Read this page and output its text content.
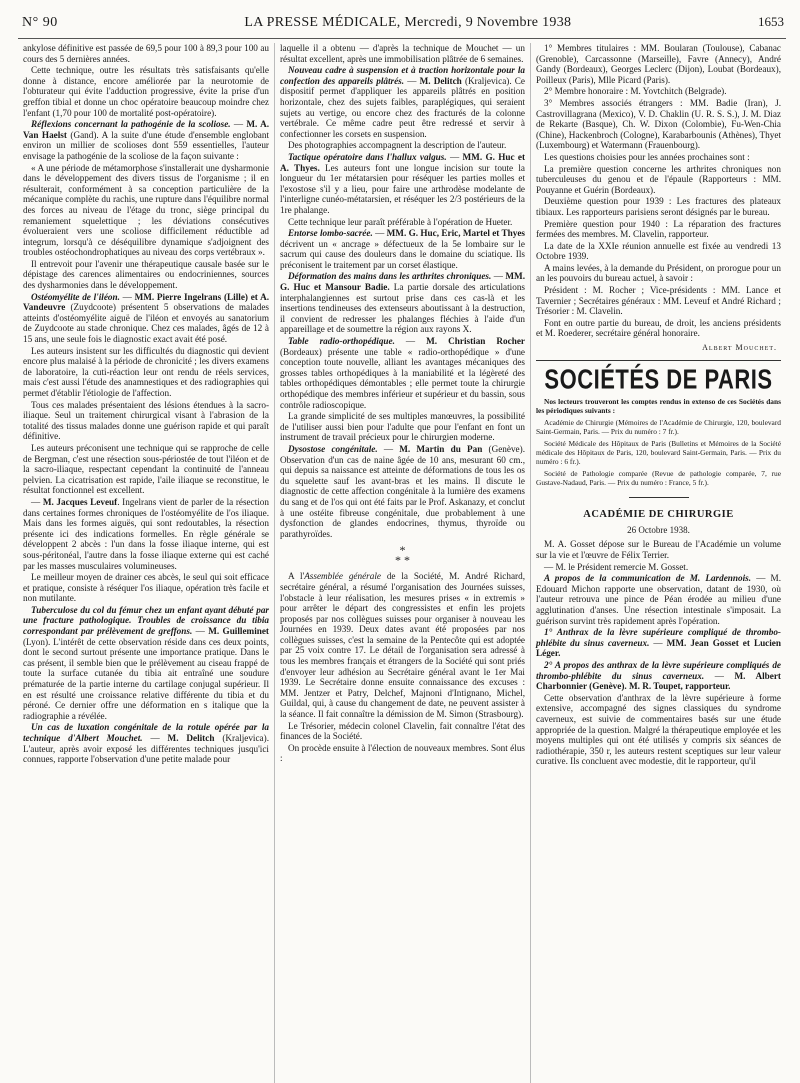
N° 90	LA PRESSE MÉDICALE, Mercredi, 9 Novembre 1938	1653

ankylose définitive est passée de 69,5 pour 100 à 89,3 pour 100 au cours des 5 dernières années.

Cette technique, outre les résultats très satisfaisants qu'elle donne à distance, encore améliorée par la neurotomie de l'obturateur qui évite l'adduction progressive, évite la prise d'un greffon tibial et donne un choc opératoire beaucoup moindre chez l'enfant (1,70 pour 100 de mortalité post-opératoire).

Réflexions concernant la pathogénie de la scoliose. — M. A. Van Haelst (Gand). A la suite d'une étude d'ensemble englobant environ un millier de scolioses dont 559 essentielles, l'auteur envisage la pathogénie de la scoliose de la façon suivante :

« A une période de métamorphose s'installerait une dysharmonie dans le développement des divers tissus de l'organisme ; il en résulterait, conformément à sa conception particulière de la mécanique complète du rachis, une rupture dans l'équilibre normal des forces au niveau de l'étage du tronc, siège principal du remaniement squelettique ; les déviations consécutives évolueraient vers une scoliose difficilement réductible ad integrum, lorsqu'à ce déséquilibre dynamique s'adjoignent des troubles ostéochondrophatiques au niveau des corps vertébraux ».

Il entrevoit pour l'avenir une thérapeutique causale basée sur le dépistage des carences alimentaires ou endocriniennes, sources des dysharmonies dans le développement.

Ostéomyélite de l'iléon. — MM. Pierre Ingelrans (Lille) et A. Vandeuvre (Zuydcoote) présentent 5 observations de malades atteints d'ostéomyélite aiguë de l'iléon et envoyés au sanatorium de Zuydcoote au stade chronique. Chez ces malades, âgés de 12 à 15 ans, une seule fois le diagnostic exact avait été posé.

Les auteurs insistent sur les difficultés du diagnostic qui devient encore plus malaisé à la période de chronicité ; les divers examens de laboratoire, la cuti-réaction leur ont rendu de réels services, mais c'est aussi l'étude des anamnestiques et des radiographies qui permet d'établir l'étiologie de l'affection.

Tous ces malades présentaient des lésions étendues à la sacro-iliaque. Seul un traitement chirurgical visant à l'abrasion de la totalité des tissus malades donne une guérison rapide et qui paraît définitive.

Les auteurs préconisent une technique qui se rapproche de celle de Bergman, c'est une résection sous-périostée de tout l'iléon et de la sacro-iliaque, respectant cependant la continuité de l'anneau pelvien. La cicatrisation est rapide, l'aile iliaque se reconstitue, le résultat fonctionnel est excellent.

— M. Jacques Leveuf. Ingelrans vient de parler de la résection dans certaines formes chroniques de l'ostéomyélite de l'os iliaque. Mais dans les formes aiguës, qui sont redoutables, la résection présente ici des indications formelles. En règle générale se développent 2 abcès : l'un dans la fosse iliaque interne, qui est sous-péritonéal, l'autre dans la fosse iliaque externe qui est caché par les masses musculaires volumineuses.

Le meilleur moyen de drainer ces abcès, le seul qui soit efficace et pratique, consiste à réséquer l'os iliaque, opération très facile et non mutilante.

Tuberculose du col du fémur chez un enfant ayant débuté par une fracture pathologique. Troubles de croissance du tibia correspondant par prélèvement de greffons. — M. Guilleminet (Lyon). L'intérêt de cette observation réside dans ces deux points, dont le second surtout présente une importance pratique. Dans le cas présent, il semble bien que le prélèvement au ciseau frappé de toute la surface cutanée du tibia ait entraîné une soudure prématurée de la partie interne du cartilage conjugal supérieur. Il en est résulté une croissance relative différente du tibia et du péroné. Ce dernier offre une déformation en s italique que la radiographie a révélée.

Un cas de luxation congénitale de la rotule opérée par la technique d'Albert Mouchet. — M. Delitch (Kraljevica). L'auteur, après avoir exposé les différentes techniques jusqu'ici connues, rapporte l'observation d'une petite malade pour

laquelle il a obtenu — d'après la technique de Mouchet — un résultat excellent, après une immobilisation plâtrée de 6 semaines.

Nouveau cadre à suspension et à traction horizontale pour la confection des appareils plâtrés. — M. Delitch (Kraljevica). Ce dispositif permet d'appliquer les appareils plâtrés en position horizontale, chez des sujets faibles, paraplégiques, qui seraient sujets au vertige, ou encore chez des fracturés de la colonne vertébrale. Ce même cadre peut être redressé et servir à confectionner les corsets en suspension.

Des photographies accompagnent la description de l'auteur.

Tactique opératoire dans l'hallux valgus. — MM. G. Huc et A. Thyes. Les auteurs font une longue incision sur toute la longueur du 1er métatarsien pour réséquer les parties molles et l'exostose s'il y a lieu, pour faire une arthrodèse modelante de l'interligne cunéo-métatarsien, et réséquer les 2/3 postérieurs de la 1re phalange.

Cette technique leur paraît préférable à l'opération de Hueter.

Entorse lombo-sacrée. — MM. G. Huc, Eric, Martel et Thyes décrivent un « ancrage » défectueux de la 5e lombaire sur le sacrum qui cause des douleurs dans le domaine du sciatique. Ils préconisent le traitement par un corset élastique.

Déformation des mains dans les arthrites chroniques. — MM. G. Huc et Mansour Badie. La partie dorsale des articulations interphalangiennes est surtout prise dans ces cas-là et les insertions tendineuses des extenseurs aboutissant à la destruction, il convient de redresser les phalanges fléchies à l'aide d'un appareillage et de soumettre la région aux rayons X.

Table radio-orthopédique. — M. Christian Rocher (Bordeaux) présente une table « radio-orthopédique » d'une conception toute nouvelle, alliant les avantages mécaniques des grosses tables orthopédiques à la maniabilité et la légèreté des tables orthopédiques démontables ; elle permet toute la chirurgie orthopédique des membres inférieur et supérieur et du bassin, sous contrôle radioscopique.

La grande simplicité de ses multiples manœuvres, la possibilité de l'utiliser aussi bien pour l'adulte que pour l'enfant en font un instrument de travail précieux pour le chirurgien moderne.

Dysostose congénitale. — M. Martin du Pan (Genève). Observation d'un cas de naine âgée de 10 ans, mesurant 60 cm., qui depuis sa naissance est atteinte de déformations de tous les os du squelette sauf les avant-bras et les mains. Il discute le diagnostic de cette affection congénitale à la lumière des examens du sang et de l'os qui ont été faits par le Prof. Askanazy, et conclut à une ostéite fibreuse congénitale, due probablement à une dysfonction de glandes endocrines, thymus, thyroïde ou parathyroïdes.

*
* *

A l'Assemblée générale de la Société, M. André Richard, secrétaire général, a résumé l'organisation des Journées suisses, l'obstacle à leur réalisation, les mesures prises « in extremis » pour arrêter le départ des congressistes et enfin les projets proposés par nos collègues suisses pour organiser à nouveau les Journées en 1939. Deux dates avant été proposées par nos collègues suisses, c'est la semaine de la Pentecôte qui est adoptée par 25 voix contre 17. Le détail de l'organisation sera adressé à tous les membres français et étrangers de la Société qui sont priés d'envoyer leur adhésion au Secrétaire général avant le 1er Mai 1939. Le Secrétaire donne ensuite connaissance des excuses : MM. Jentzer et Patry, Delchef, Majnoni d'Intignano, Michel, Guildal, qui, à cause du changement de date, ne peuvent assister à la séance. Il fait connaître la démission de M. Simon (Strasbourg).

Le Trésorier, médecin colonel Clavelin, fait connaître l'état des finances de la Société.

On procède ensuite à l'élection de nouveaux membres. Sont élus :

1° Membres titulaires : MM. Boularan (Toulouse), Cabanac (Grenoble), Carcassonne (Marseille), Favre (Annecy), André Gandy (Bordeaux), Georges Leclerc (Dijon), Loubat (Bordeaux), Poilleux (Paris), Mlle Picard (Paris).

2° Membre honoraire : M. Yovtchitch (Belgrade).

3° Membres associés étrangers : MM. Badie (Iran), J. Castrovillagrana (Mexico), V. D. Chaklin (U. R. S. S.), J. M. Diaz de Rekarte (Basque), Ch. W. Dixon (Colombie), Fu-Wen-Chia (Chine), Hackenbroch (Cologne), Karabarbounis (Athènes), Thyet (Luxembourg) et Watermann (Frauenbourg).

Les questions choisies pour les années prochaines sont :

La première question concerne les arthrites chroniques non tuberculeuses du genou et de l'épaule (Rapporteurs : MM. Pouyanne et Guérin (Bordeaux).

Deuxième question pour 1939 : Les fractures des plateaux tibiaux. Les rapporteurs parisiens seront désignés par le bureau.

Première question pour 1940 : La réparation des fractures fermées des membres. M. Clavelin, rapporteur.

La date de la XXIe réunion annuelle est fixée au vendredi 13 Octobre 1939.

A mains levées, à la demande du Président, on prorogue pour un an les pouvoirs du bureau actuel, à savoir :

Président : M. Rocher ; Vice-présidents : MM. Lance et Tavernier ; Secrétaires généraux : MM. Leveuf et André Richard ; Trésorier : M. Clavelin.

Font en outre partie du bureau, de droit, les anciens présidents et M. Roederer, secrétaire général honoraire.

Albert Mouchet.
SOCIÉTÉS DE PARIS

Nos lecteurs trouveront les comptes rendus in extenso de ces Sociétés dans les périodiques suivants :

Académie de Chirurgie (Mémoires de l'Académie de Chirurgie, 120, boulevard Saint-Germain, Paris. — Prix du numéro : 7 fr.).

Société Médicale des Hôpitaux de Paris (Bulletins et Mémoires de la Société médicale des Hôpitaux de Paris, 120, boulevard Saint-Germain, Paris. — Prix du numéro : 6 fr.).

Société de Pathologie comparée (Revue de pathologie comparée, 7, rue Gustave-Nadaud, Paris. — Prix du numéro : France, 5 fr.).

ACADÉMIE DE CHIRURGIE
26 Octobre 1938.

M. A. Gosset dépose sur le Bureau de l'Académie un volume sur la vie et l'œuvre de Félix Terrier.

— M. le Président remercie M. Gosset.

A propos de la communication de M. Lardennois. — M. Edouard Michon rapporte une observation, datant de 1930, où l'auteur retrouva une pince de Péan érodée au milieu d'une agglutination d'anses. Une résection intestinale s'imposait. La guérison survint très rapidement après l'opération.

1° Anthrax de la lèvre supérieure compliqué de thrombo-phlébite du sinus caverneux. — MM. Jean Gosset et Lucien Léger.

2° A propos des anthrax de la lèvre supérieure compliqués de thrombo-phlébite du sinus caverneux. — M. Albert Charbonnier (Genève). M. R. Toupet, rapporteur.

Cette observation d'anthrax de la lèvre supérieure à forme extensive, accompagné des signes classiques du syndrome caverneux, est suivie de commentaires basés sur une étude appropriée de la question. Malgré la thérapeutique employée et les moyens multiples qui ont été utilisés y compris six séances de radiothérapie, 350 r, les auteurs restent sceptiques sur leur valeur curative. Ils concluent avec modestie, dit le rapporteur, qu'il
